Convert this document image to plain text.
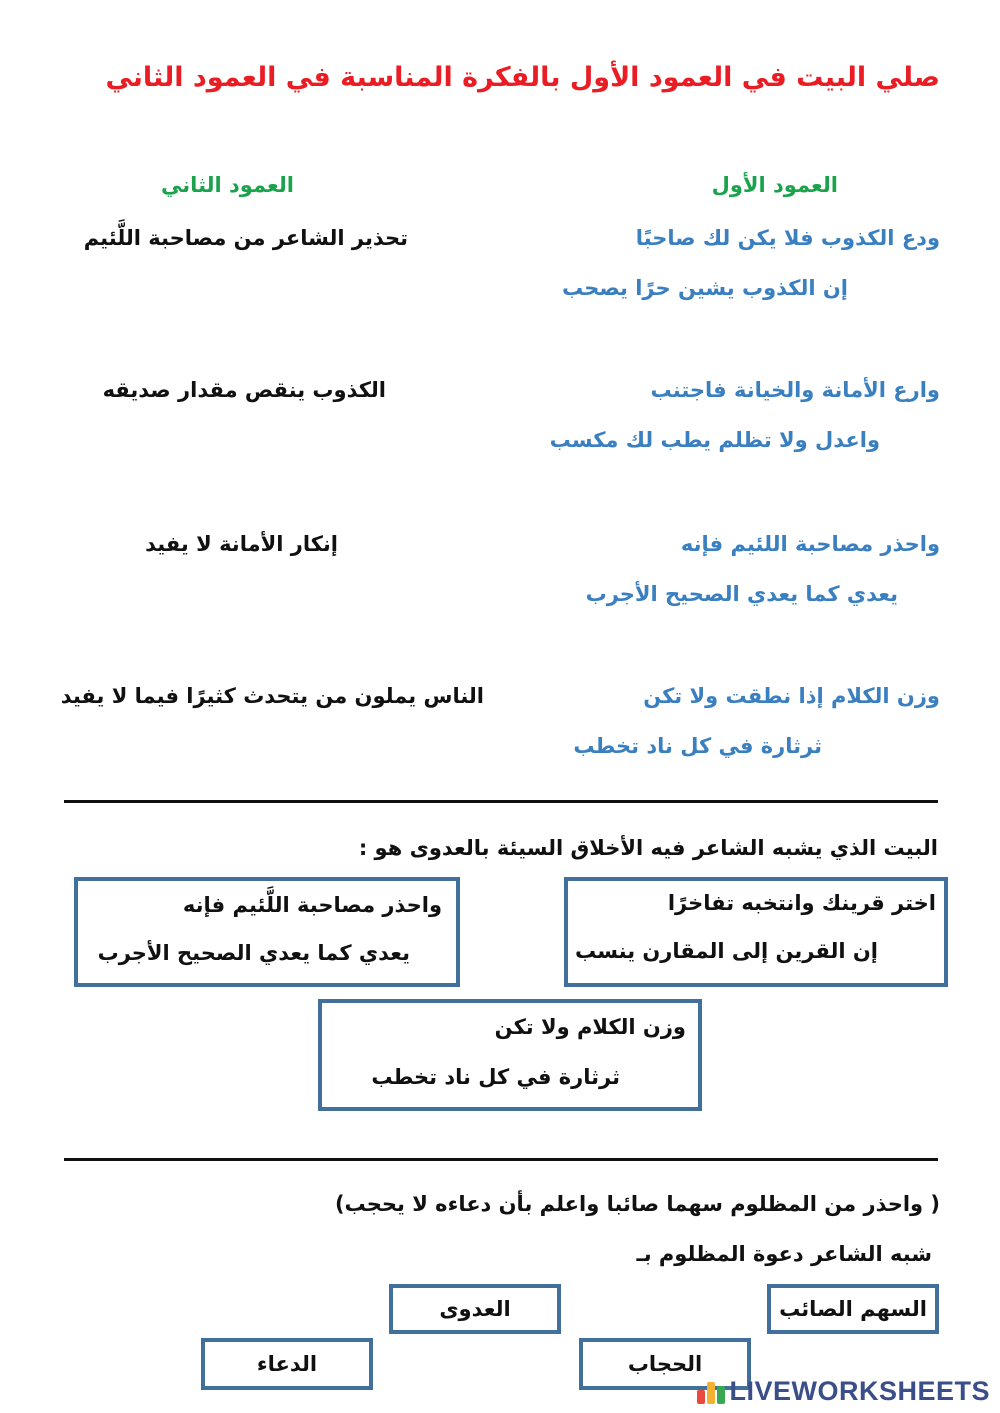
صلي البيت في العمود الأول بالفكرة المناسبة في العمود الثاني
العمود الأول
العمود الثاني
ودع الكذوب فلا يكن لك صاحبًا
إن الكذوب يشين حرًا يصحب
تحذير الشاعر من مصاحبة اللَّئيم
وارع الأمانة والخيانة فاجتنب
واعدل ولا تظلم يطب لك مكسب
الكذوب ينقص مقدار صديقه
واحذر مصاحبة اللئيم فإنه
يعدي كما يعدي الصحيح الأجرب
إنكار الأمانة لا يفيد
وزن الكلام إذا نطقت ولا تكن
ثرثارة في كل ناد تخطب
الناس يملون من يتحدث كثيرًا فيما لا يفيد
البيت الذي يشبه الشاعر فيه الأخلاق السيئة بالعدوى هو :
اختر قرينك وانتخبه تفاخرًا
إن القرين إلى المقارن ينسب
واحذر مصاحبة اللَّئيم فإنه
يعدي كما يعدي الصحيح الأجرب
وزن الكلام ولا تكن
ثرثارة في كل ناد تخطب
( واحذر من المظلوم سهما صائبا واعلم بأن دعاءه لا يحجب)
شبه الشاعر دعوة المظلوم بـ
السهم الصائب
العدوى
الحجاب
الدعاء
LIVEWORKSHEETS
